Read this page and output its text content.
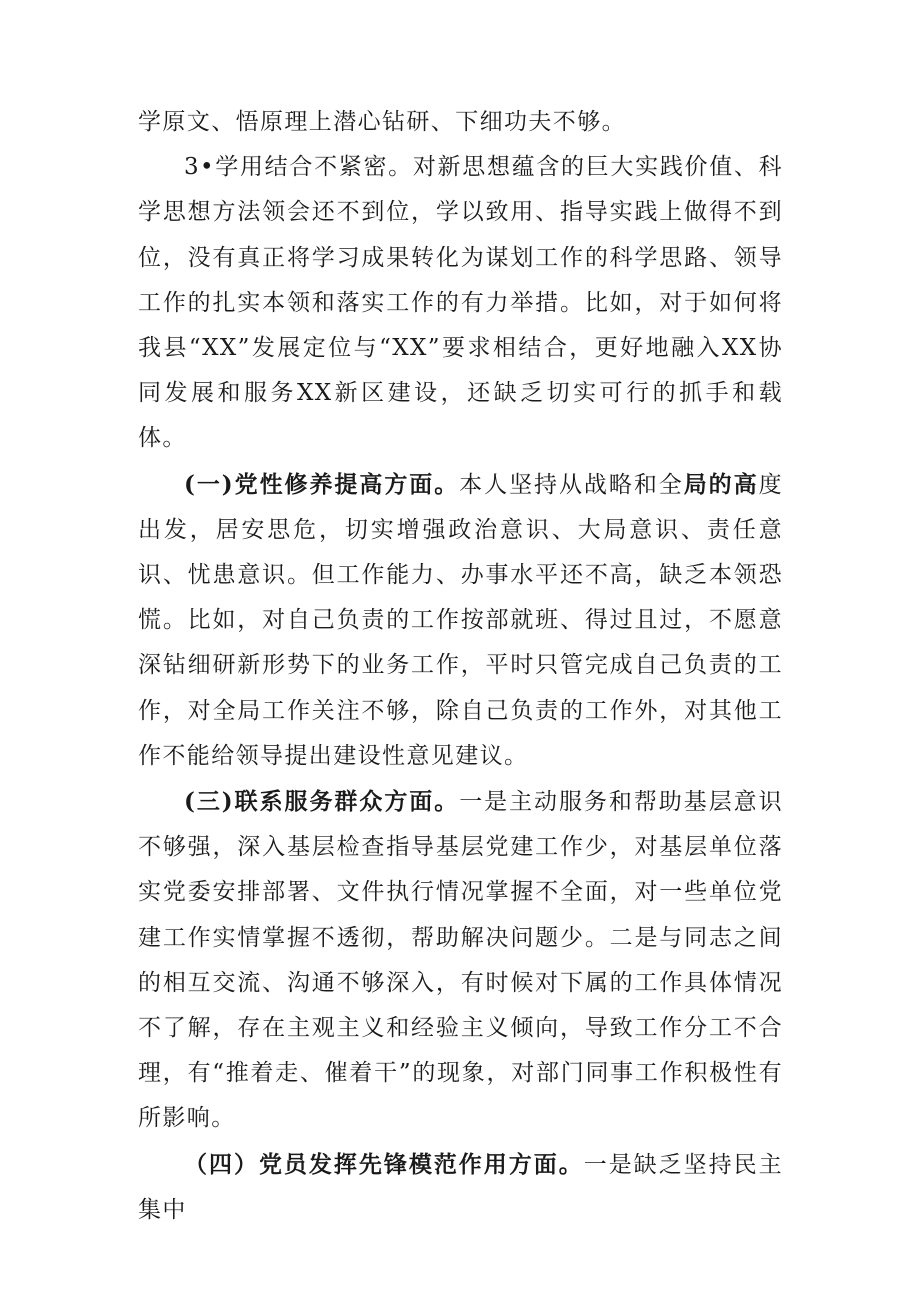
学原文、悟原理上潜心钻研、下细功夫不够。

3•学用结合不紧密。对新思想蕴含的巨大实践价值、科学思想方法领会还不到位，学以致用、指导实践上做得不到位，没有真正将学习成果转化为谋划工作的科学思路、领导工作的扎实本领和落实工作的有力举措。比如，对于如何将我县“XX”发展定位与“XX”要求相结合，更好地融入XX协同发展和服务XX新区建设，还缺乏切实可行的抓手和载体。

(一)党性修养提高方面。本人坚持从战略和全局的高度出发，居安思危，切实增强政治意识、大局意识、责任意识、忧患意识。但工作能力、办事水平还不高，缺乏本领恐慌。比如，对自己负责的工作按部就班、得过且过，不愿意深钻细研新形势下的业务工作，平时只管完成自己负责的工作，对全局工作关注不够，除自己负责的工作外，对其他工作不能给领导提出建设性意见建议。

(三)联系服务群众方面。一是主动服务和帮助基层意识不够强，深入基层检查指导基层党建工作少，对基层单位落实党委安排部署、文件执行情况掌握不全面，对一些单位党建工作实情掌握不透彻，帮助解决问题少。二是与同志之间的相互交流、沟通不够深入，有时候对下属的工作具体情况不了解，存在主观主义和经验主义倾向，导致工作分工不合理，有“推着走、催着干”的现象，对部门同事工作积极性有所影响。

（四）党员发挥先锋模范作用方面。一是缺乏坚持民主集中
